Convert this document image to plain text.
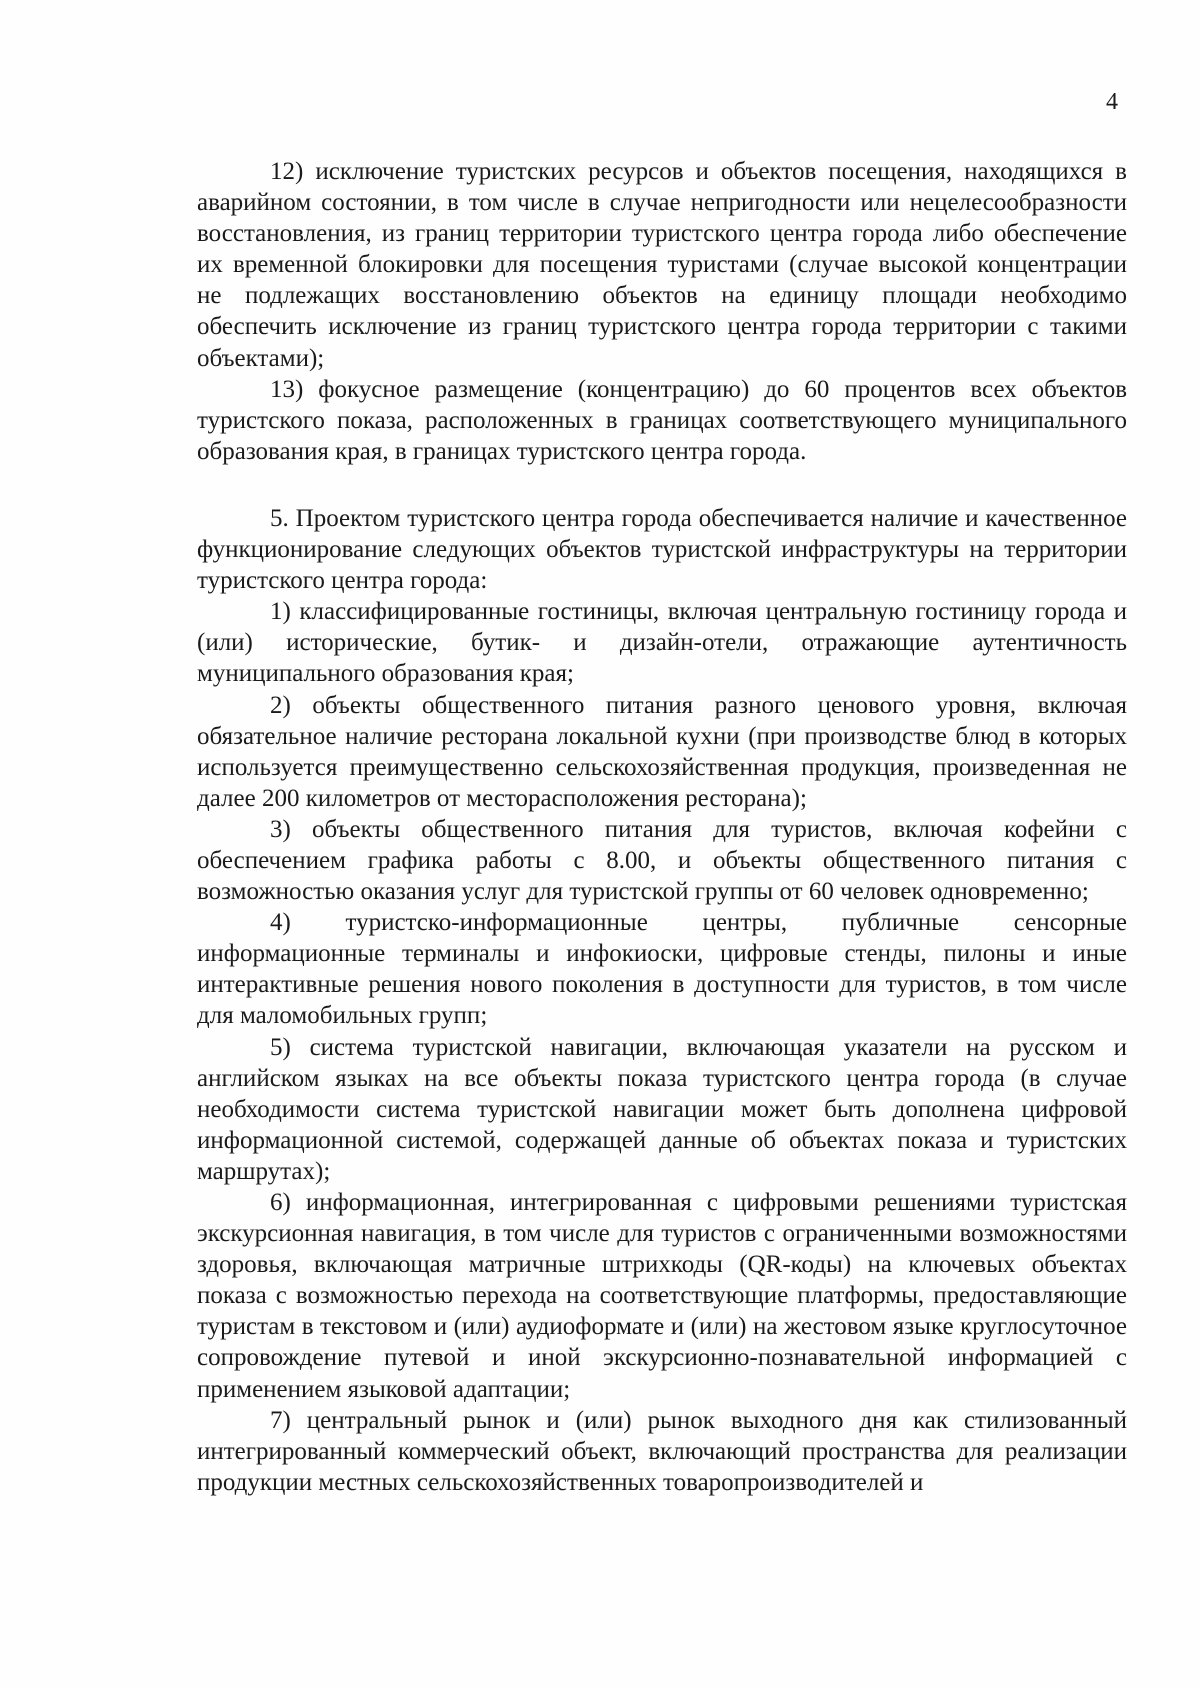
4

12) исключение туристских ресурсов и объектов посещения, находящихся в аварийном состоянии, в том числе в случае непригодности или нецелесообразности восстановления, из границ территории туристского центра города либо обеспечение их временной блокировки для посещения туристами (случае высокой концентрации не подлежащих восстановлению объектов на единицу площади необходимо обеспечить исключение из границ туристского центра города территории с такими объектами);

13) фокусное размещение (концентрацию) до 60 процентов всех объектов туристского показа, расположенных в границах соответствующего муниципального образования края, в границах туристского центра города.

5. Проектом туристского центра города обеспечивается наличие и качественное функционирование следующих объектов туристской инфраструктуры на территории туристского центра города:

1) классифицированные гостиницы, включая центральную гостиницу города и (или) исторические, бутик- и дизайн-отели, отражающие аутентичность муниципального образования края;

2) объекты общественного питания разного ценового уровня, включая обязательное наличие ресторана локальной кухни (при производстве блюд в которых используется преимущественно сельскохозяйственная продукция, произведенная не далее 200 километров от месторасположения ресторана);

3) объекты общественного питания для туристов, включая кофейни с обеспечением графика работы с 8.00, и объекты общественного питания с возможностью оказания услуг для туристской группы от 60 человек одновременно;

4) туристско-информационные центры, публичные сенсорные информационные терминалы и инфокиоски, цифровые стенды, пилоны и иные интерактивные решения нового поколения в доступности для туристов, в том числе для маломобильных групп;

5) система туристской навигации, включающая указатели на русском и английском языках на все объекты показа туристского центра города (в случае необходимости система туристской навигации может быть дополнена цифровой информационной системой, содержащей данные об объектах показа и туристских маршрутах);

6) информационная, интегрированная с цифровыми решениями туристская экскурсионная навигация, в том числе для туристов с ограниченными возможностями здоровья, включающая матричные штрихкоды (QR-коды) на ключевых объектах показа с возможностью перехода на соответствующие платформы, предоставляющие туристам в текстовом и (или) аудиоформате и (или) на жестовом языке круглосуточное сопровождение путевой и иной экскурсионно-познавательной информацией с применением языковой адаптации;

7) центральный рынок и (или) рынок выходного дня как стилизованный интегрированный коммерческий объект, включающий пространства для реализации продукции местных сельскохозяйственных товаропроизводителей и
